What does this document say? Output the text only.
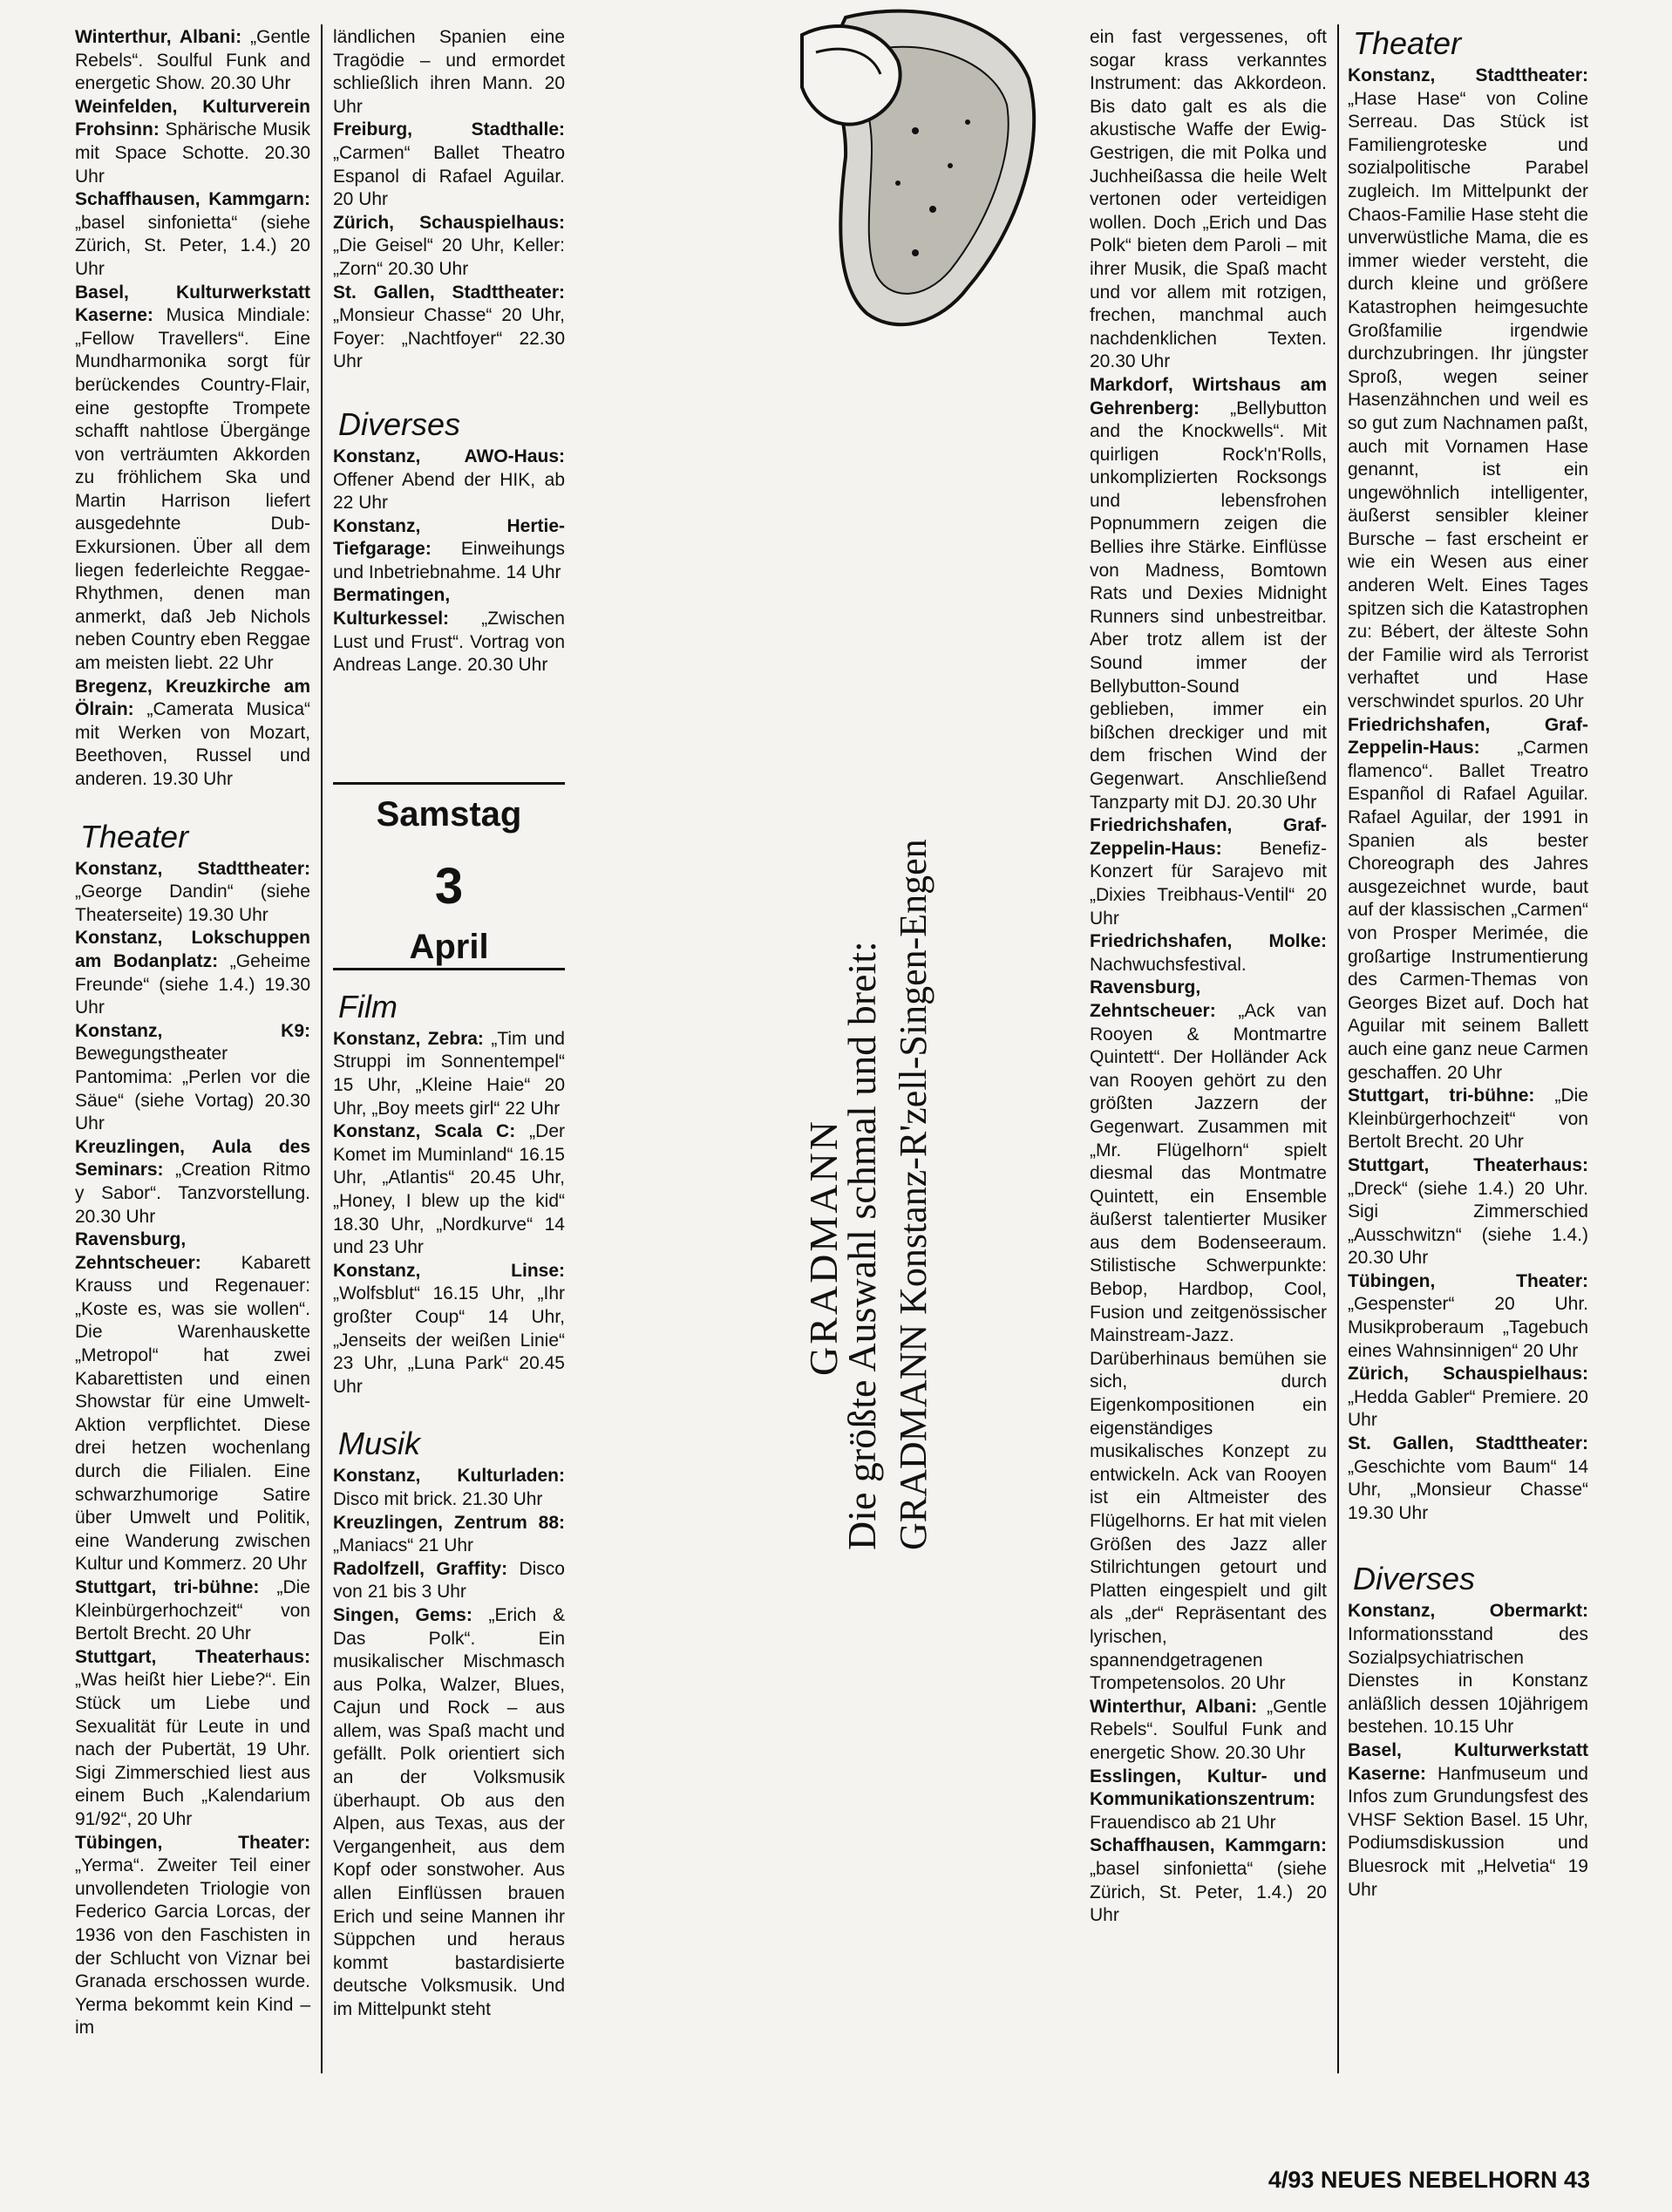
Winterthur, Albani: „Gentle Rebels“. Soulful Funk and energetic Show. 20.30 Uhr

Weinfelden, Kulturverein Frohsinn: Sphärische Musik mit Space Schotte. 20.30 Uhr

Schaffhausen, Kammgarn: „basel sinfonietta“ (siehe Zürich, St. Peter, 1.4.) 20 Uhr

Basel, Kulturwerkstatt Kaserne: Musica Mindiale: „Fellow Travellers“. Eine Mundharmonika sorgt für berückendes Country-Flair, eine gestopfte Trompete schafft nahtlose Übergänge von verträumten Akkorden zu fröhlichem Ska und Martin Harrison liefert ausgedehnte Dub-Exkursionen. Über all dem liegen federleichte Reggae-Rhythmen, denen man anmerkt, daß Jeb Nichols neben Country eben Reggae am meisten liebt. 22 Uhr

Bregenz, Kreuzkirche am Ölrain: „Camerata Musica“ mit Werken von Mozart, Beethoven, Russel und anderen. 19.30 Uhr

Theater

Konstanz, Stadttheater: „George Dandin“ (siehe Theaterseite) 19.30 Uhr

Konstanz, Lokschuppen am Bodanplatz: „Geheime Freunde“ (siehe 1.4.) 19.30 Uhr

Konstanz, K9: Bewegungstheater Pantomima: „Perlen vor die Säue“ (siehe Vortag) 20.30 Uhr

Kreuzlingen, Aula des Seminars: „Creation Ritmo y Sabor“. Tanzvorstellung. 20.30 Uhr

Ravensburg, Zehntscheuer: Kabarett Krauss und Regenauer: „Koste es, was sie wollen“. Die Warenhauskette „Metropol“ hat zwei Kabarettisten und einen Showstar für eine Umwelt-Aktion verpflichtet. Diese drei hetzen wochenlang durch die Filialen. Eine schwarzhumorige Satire über Umwelt und Politik, eine Wanderung zwischen Kultur und Kommerz. 20 Uhr

Stuttgart, tri-bühne: „Die Kleinbürgerhochzeit“ von Bertolt Brecht. 20 Uhr

Stuttgart, Theaterhaus: „Was heißt hier Liebe?“. Ein Stück um Liebe und Sexualität für Leute in und nach der Pubertät, 19 Uhr. Sigi Zimmerschied liest aus einem Buch „Kalendarium 91/92“, 20 Uhr

Tübingen, Theater: „Yerma“. Zweiter Teil einer unvollendeten Triologie von Federico Garcia Lorcas, der 1936 von den Faschisten in der Schlucht von Viznar bei Granada erschossen wurde. Yerma bekommt kein Kind – im

ländlichen Spanien eine Tragödie – und ermordet schließlich ihren Mann. 20 Uhr

Freiburg, Stadthalle: „Carmen“ Ballet Theatro Espanol di Rafael Aguilar. 20 Uhr

Zürich, Schauspielhaus: „Die Geisel“ 20 Uhr, Keller: „Zorn“ 20.30 Uhr

St. Gallen, Stadttheater: „Monsieur Chasse“ 20 Uhr, Foyer: „Nachtfoyer“ 22.30 Uhr

Diverses

Konstanz, AWO-Haus: Offener Abend der HIK, ab 22 Uhr

Konstanz, Hertie-Tiefgarage: Einweihungs und Inbetriebnahme. 14 Uhr

Bermatingen, Kulturkessel: „Zwischen Lust und Frust“. Vortrag von Andreas Lange. 20.30 Uhr

Samstag
3
April
Film

Konstanz, Zebra: „Tim und Struppi im Sonnentempel“ 15 Uhr, „Kleine Haie“ 20 Uhr, „Boy meets girl“ 22 Uhr

Konstanz, Scala C: „Der Komet im Muminland“ 16.15 Uhr, „Atlantis“ 20.45 Uhr, „Honey, I blew up the kid“ 18.30 Uhr, „Nordkurve“ 14 und 23 Uhr

Konstanz, Linse: „Wolfsblut“ 16.15 Uhr, „Ihr großter Coup“ 14 Uhr, „Jenseits der weißen Linie“ 23 Uhr, „Luna Park“ 20.45 Uhr

Musik

Konstanz, Kulturladen: Disco mit brick. 21.30 Uhr

Kreuzlingen, Zentrum 88: „Maniacs“ 21 Uhr

Radolfzell, Graffity: Disco von 21 bis 3 Uhr

Singen, Gems: „Erich & Das Polk“. Ein musikalischer Mischmasch aus Polka, Walzer, Blues, Cajun und Rock – aus allem, was Spaß macht und gefällt. Polk orientiert sich an der Volksmusik überhaupt. Ob aus den Alpen, aus Texas, aus der Vergangenheit, aus dem Kopf oder sonstwoher. Aus allen Einflüssen brauen Erich und seine Mannen ihr Süppchen und heraus kommt bastardisierte deutsche Volksmusik. Und im Mittelpunkt steht

GRADMANN
Die größte Auswahl schmal und breit: GRADMANN Konstanz-R'zell-Singen-Engen

ein fast vergessenes, oft sogar krass verkanntes Instrument: das Akkordeon. Bis dato galt es als die akustische Waffe der Ewig-Gestrigen, die mit Polka und Juchheißassa die heile Welt vertonen oder verteidigen wollen. Doch „Erich und Das Polk“ bieten dem Paroli – mit ihrer Musik, die Spaß macht und vor allem mit rotzigen, frechen, manchmal auch nachdenklichen Texten. 20.30 Uhr

Markdorf, Wirtshaus am Gehrenberg: „Bellybutton and the Knockwells“. Mit quirligen Rock'n'Rolls, unkomplizierten Rocksongs und lebensfrohen Popnummern zeigen die Bellies ihre Stärke. Einflüsse von Madness, Bomtown Rats und Dexies Midnight Runners sind unbestreitbar. Aber trotz allem ist der Sound immer der Bellybutton-Sound geblieben, immer ein bißchen dreckiger und mit dem frischen Wind der Gegenwart. Anschließend Tanzparty mit DJ. 20.30 Uhr

Friedrichshafen, Graf-Zeppelin-Haus: Benefiz-Konzert für Sarajevo mit „Dixies Treibhaus-Ventil“ 20 Uhr

Friedrichshafen, Molke: Nachwuchsfestival.

Ravensburg, Zehntscheuer: „Ack van Rooyen & Montmartre Quintett“. Der Holländer Ack van Rooyen gehört zu den größten Jazzern der Gegenwart. Zusammen mit „Mr. Flügelhorn“ spielt diesmal das Montmatre Quintett, ein Ensemble äußerst talentierter Musiker aus dem Bodenseeraum. Stilistische Schwerpunkte: Bebop, Hardbop, Cool, Fusion und zeitgenössischer Mainstream-Jazz. Darüberhinaus bemühen sie sich, durch Eigenkompositionen ein eigenständiges musikalisches Konzept zu entwickeln. Ack van Rooyen ist ein Altmeister des Flügelhorns. Er hat mit vielen Größen des Jazz aller Stilrichtungen getourt und Platten eingespielt und gilt als „der“ Repräsentant des lyrischen, spannendgetragenen Trompetensolos. 20 Uhr

Winterthur, Albani: „Gentle Rebels“. Soulful Funk and energetic Show. 20.30 Uhr

Esslingen, Kultur- und Kommunikationszentrum: Frauendisco ab 21 Uhr

Schaffhausen, Kammgarn: „basel sinfonietta“ (siehe Zürich, St. Peter, 1.4.) 20 Uhr

Theater

Konstanz, Stadttheater: „Hase Hase“ von Coline Serreau. Das Stück ist Familiengroteske und sozialpolitische Parabel zugleich. Im Mittelpunkt der Chaos-Familie Hase steht die unverwüstliche Mama, die es immer wieder versteht, die durch kleine und größere Katastrophen heimgesuchte Großfamilie irgendwie durchzubringen. Ihr jüngster Sproß, wegen seiner Hasenzähnchen und weil es so gut zum Nachnamen paßt, auch mit Vornamen Hase genannt, ist ein ungewöhnlich intelligenter, äußerst sensibler kleiner Bursche – fast erscheint er wie ein Wesen aus einer anderen Welt. Eines Tages spitzen sich die Katastrophen zu: Bébert, der älteste Sohn der Familie wird als Terrorist verhaftet und Hase verschwindet spurlos. 20 Uhr

Friedrichshafen, Graf-Zeppelin-Haus: „Carmen flamenco“. Ballet Treatro Espanñol di Rafael Aguilar. Rafael Aguilar, der 1991 in Spanien als bester Choreograph des Jahres ausgezeichnet wurde, baut auf der klassischen „Carmen“ von Prosper Merimée, die großartige Instrumentierung des Carmen-Themas von Georges Bizet auf. Doch hat Aguilar mit seinem Ballett auch eine ganz neue Carmen geschaffen. 20 Uhr

Stuttgart, tri-bühne: „Die Kleinbürgerhochzeit“ von Bertolt Brecht. 20 Uhr

Stuttgart, Theaterhaus: „Dreck“ (siehe 1.4.) 20 Uhr. Sigi Zimmerschied „Ausschwitzn“ (siehe 1.4.) 20.30 Uhr

Tübingen, Theater: „Gespenster“ 20 Uhr. Musikproberaum „Tagebuch eines Wahnsinnigen“ 20 Uhr

Zürich, Schauspielhaus: „Hedda Gabler“ Premiere. 20 Uhr

St. Gallen, Stadttheater: „Geschichte vom Baum“ 14 Uhr, „Monsieur Chasse“ 19.30 Uhr

Diverses

Konstanz, Obermarkt: Informationsstand des Sozialpsychiatrischen Dienstes in Konstanz anläßlich dessen 10jährigem bestehen. 10.15 Uhr

Basel, Kulturwerkstatt Kaserne: Hanfmuseum und Infos zum Grundungsfest des VHSF Sektion Basel. 15 Uhr, Podiumsdiskussion und Bluesrock mit „Helvetia“ 19 Uhr

4/93 NEUES NEBELHORN 43
